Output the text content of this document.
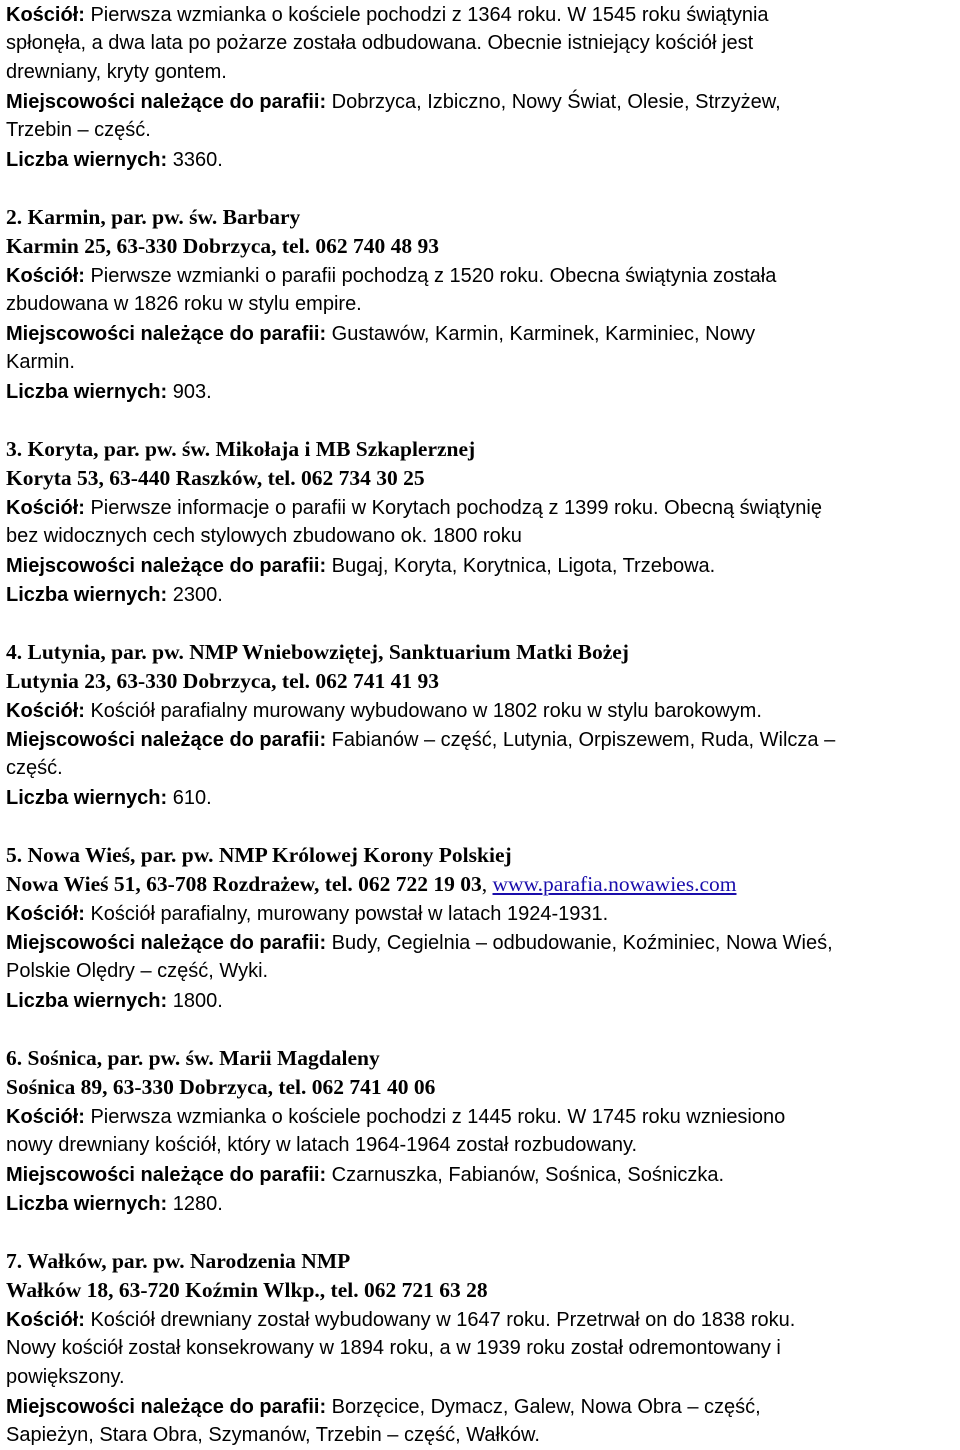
Kościół: Pierwsza wzmianka o kościele pochodzi z 1364 roku. W 1545 roku świątynia
spłonęła, a dwa lata po pożarze została odbudowana. Obecnie istniejący kościół jest
drewniany, kryty gontem.
Miejscowości należące do parafii: Dobrzyca, Izbiczno, Nowy Świat, Olesie, Strzyżew,
Trzebin – część.
Liczba wiernych: 3360.
2. Karmin, par. pw. św. Barbary
Karmin 25, 63-330 Dobrzyca, tel. 062 740 48 93
Kościół: Pierwsze wzmianki o parafii pochodzą z 1520 roku. Obecna świątynia została
zbudowana w 1826 roku w stylu empire.
Miejscowości należące do parafii: Gustawów, Karmin, Karminek, Karminiec, Nowy
Karmin.
Liczba wiernych: 903.
3. Koryta, par. pw. św. Mikołaja i MB Szkaplerznej
Koryta 53, 63-440 Raszków, tel. 062 734 30 25
Kościół: Pierwsze informacje o parafii w Korytach pochodzą z 1399 roku. Obecną świątynię
bez widocznych cech stylowych zbudowano ok. 1800 roku
Miejscowości należące do parafii: Bugaj, Koryta, Korytnica, Ligota, Trzebowa.
Liczba wiernych: 2300.
4. Lutynia, par. pw. NMP Wniebowziętej, Sanktuarium Matki Bożej
Lutynia 23, 63-330 Dobrzyca, tel. 062 741 41 93
Kościół: Kościół parafialny murowany wybudowano w 1802 roku w stylu barokowym.
Miejscowości należące do parafii: Fabianów – część, Lutynia, Orpiszewem, Ruda, Wilcza –
część.
Liczba wiernych: 610.
5. Nowa Wieś, par. pw. NMP Królowej Korony Polskiej
Nowa Wieś 51, 63-708 Rozdrażew, tel. 062 722 19 03, www.parafia.nowawies.com
Kościół: Kościół parafialny, murowany powstał w latach 1924-1931.
Miejscowości należące do parafii: Budy, Cegielnia – odbudowanie, Koźminiec, Nowa Wieś,
Polskie Olędry – część, Wyki.
Liczba wiernych: 1800.
6. Sośnica, par. pw. św. Marii Magdaleny
Sośnica 89, 63-330 Dobrzyca, tel. 062 741 40 06
Kościół: Pierwsza wzmianka o kościele pochodzi z 1445 roku. W 1745 roku wzniesiono
nowy drewniany kościół, który w latach 1964-1964 został rozbudowany.
Miejscowości należące do parafii: Czarnuszka, Fabianów, Sośnica, Sośniczka.
Liczba wiernych: 1280.
7. Wałków, par. pw. Narodzenia NMP
Wałków 18, 63-720 Koźmin Wlkp., tel. 062 721 63 28
Kościół: Kościół drewniany został wybudowany w 1647 roku. Przetrwał on do 1838 roku.
Nowy kościół został konsekrowany w 1894 roku, a w 1939 roku został odremontowany i
powiększony.
Miejscowości należące do parafii: Borzęcice, Dymacz, Galew, Nowa Obra – część,
Sapieżyn, Stara Obra, Szymanów, Trzebin – część, Wałków.
